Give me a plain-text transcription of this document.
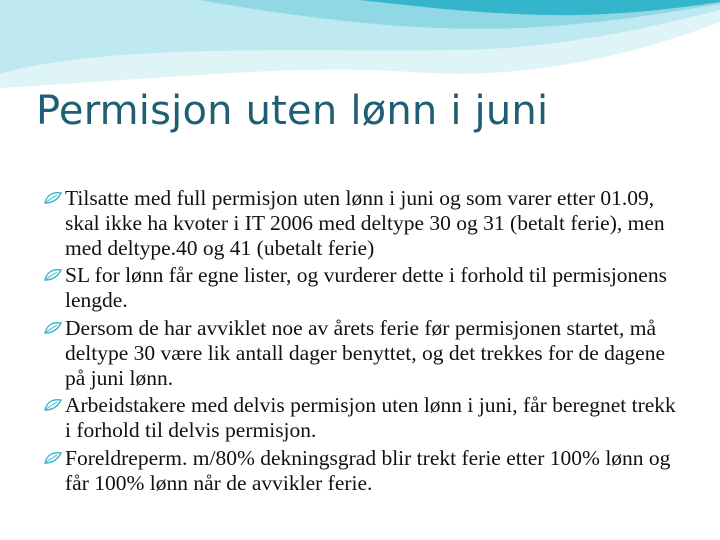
Permisjon uten lønn i juni
Tilsatte med full permisjon uten lønn i juni og som varer etter 01.09, skal ikke ha kvoter i IT 2006 med deltype 30 og 31 (betalt ferie), men med deltype.40 og 41 (ubetalt ferie)
SL for lønn får egne lister, og vurderer dette i forhold til permisjonens lengde.
Dersom de har avviklet noe av årets ferie før permisjonen startet, må deltype 30 være lik antall dager benyttet, og det trekkes for de dagene på juni lønn.
Arbeidstakere med delvis permisjon uten lønn i juni, får beregnet trekk i forhold til delvis permisjon.
Foreldreperm. m/80% dekningsgrad blir trekt ferie etter 100% lønn og får 100% lønn når de avvikler ferie.
